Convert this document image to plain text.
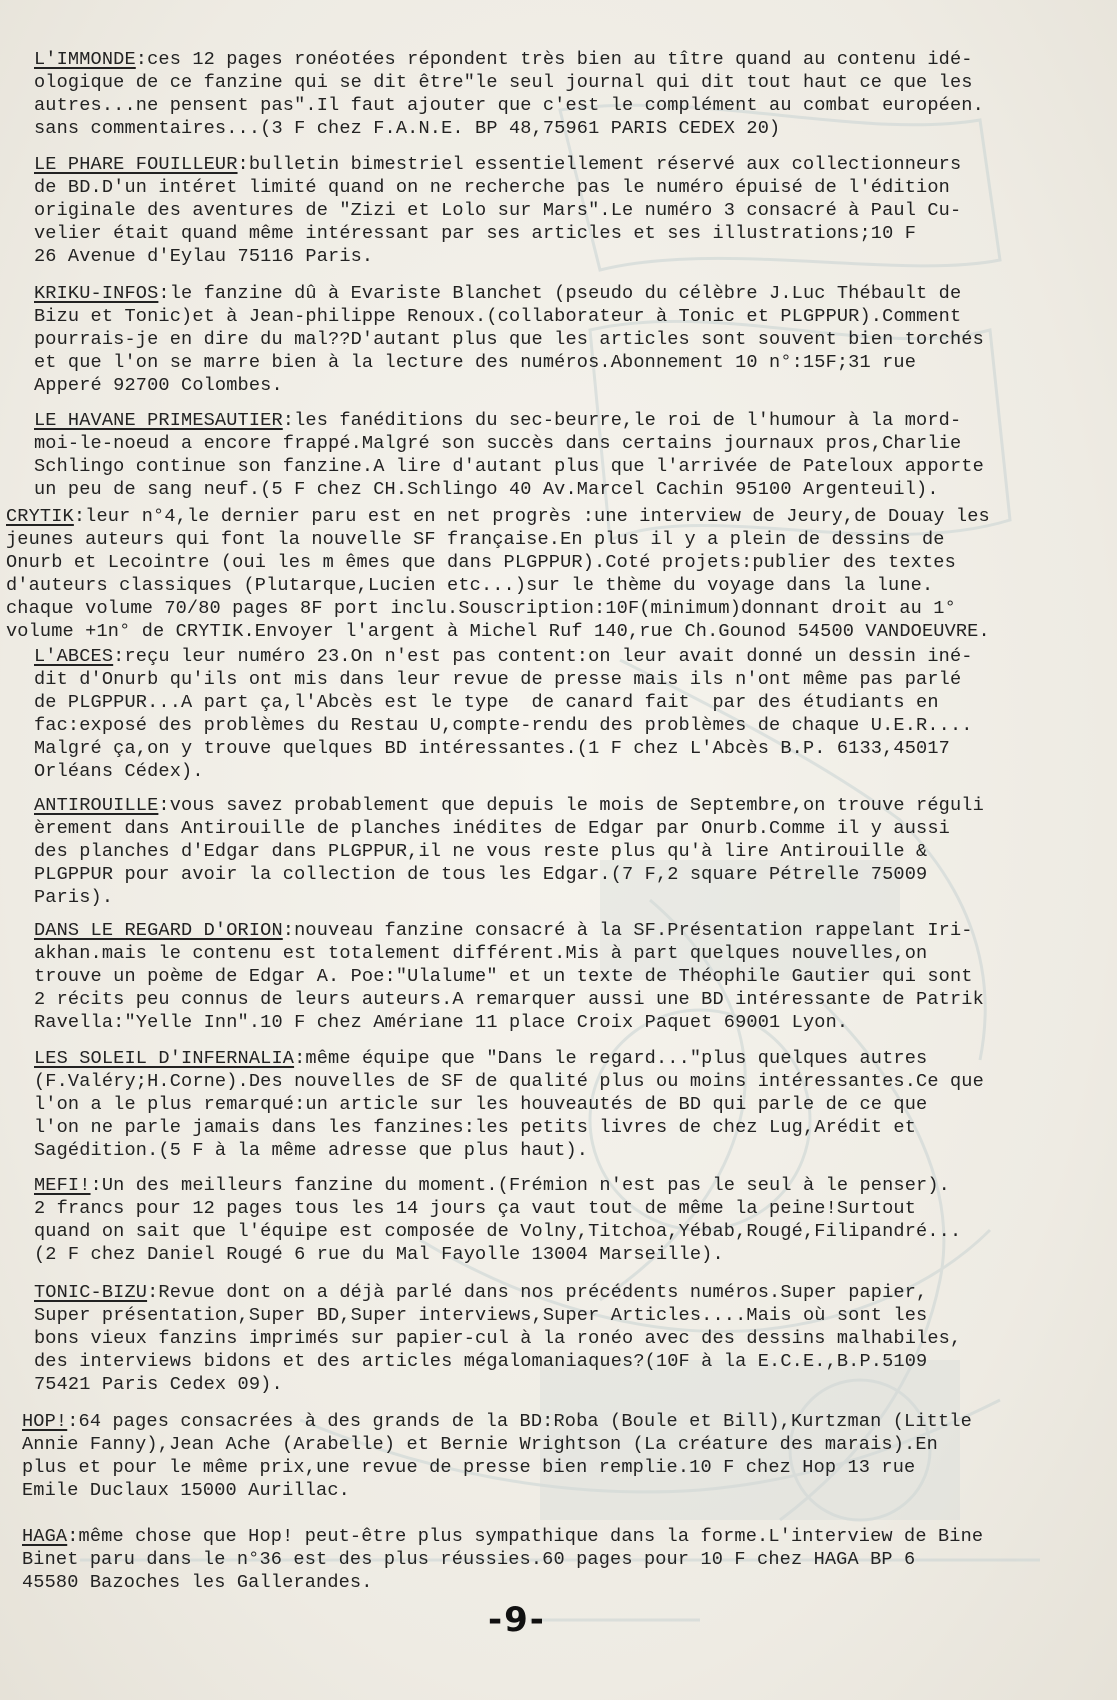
L'IMMONDE:ces 12 pages ronéotées répondent très bien au tître quand au contenu idé-
ologique de ce fanzine qui se dit être"le seul journal qui dit tout haut ce que les
autres...ne pensent pas".Il faut ajouter que c'est le complément au combat européen.
sans commentaires...(3 F chez F.A.N.E. BP 48,75961 PARIS CEDEX 20)
LE PHARE FOUILLEUR:bulletin bimestriel essentiellement réservé aux collectionneurs
de BD.D'un intéret limité quand on ne recherche pas le numéro épuisé de l'édition
originale des aventures de "Zizi et Lolo sur Mars".Le numéro 3 consacré à Paul Cu-
velier était quand même intéressant par ses articles et ses illustrations;10 F
26 Avenue d'Eylau 75116 Paris.
KRIKU-INFOS:le fanzine dû à Evariste Blanchet (pseudo du célèbre J.Luc Thébault de
Bizu et Tonic)et à Jean-philippe Renoux.(collaborateur à Tonic et PLGPPUR).Comment
pourrais-je en dire du mal??D'autant plus que les articles sont souvent bien torchés
et que l'on se marre bien à la lecture des numéros.Abonnement 10 n°:15F;31 rue
Apperé 92700 Colombes.
LE HAVANE PRIMESAUTIER:les fanéditions du sec-beurre,le roi de l'humour à la mord-
moi-le-noeud a encore frappé.Malgré son succès dans certains journaux pros,Charlie
Schlingo continue son fanzine.A lire d'autant plus que l'arrivée de Pateloux apporte
un peu de sang neuf.(5 F chez CH.Schlingo 40 Av.Marcel Cachin 95100 Argenteuil).
CRYTIK:leur n°4,le dernier paru est en net progrès :une interview de Jeury,de Douay les
jeunes auteurs qui font la nouvelle SF française.En plus il y a plein de dessins de
Onurb et Lecointre (oui les m êmes que dans PLGPPUR).Coté projets:publier des textes
d'auteurs classiques (Plutarque,Lucien etc...)sur le thème du voyage dans la lune.
chaque volume 70/80 pages 8F port inclu.Souscription:10F(minimum)donnant droit au 1°
volume +1n° de CRYTIK.Envoyer l'argent à Michel Ruf 140,rue Ch.Gounod 54500 VANDOEUVRE.
L'ABCES:reçu leur numéro 23.On n'est pas content:on leur avait donné un dessin iné-
dit d'Onurb qu'ils ont mis dans leur revue de presse mais ils n'ont même pas parlé
de PLGPPUR...A part ça,l'Abcès est le type  de canard fait  par des étudiants en
fac:exposé des problèmes du Restau U,compte-rendu des problèmes de chaque U.E.R....
Malgré ça,on y trouve quelques BD intéressantes.(1 F chez L'Abcès B.P. 6133,45017
Orléans Cédex).
ANTIROUILLE:vous savez probablement que depuis le mois de Septembre,on trouve réguli
èrement dans Antirouille de planches inédites de Edgar par Onurb.Comme il y aussi
des planches d'Edgar dans PLGPPUR,il ne vous reste plus qu'à lire Antirouille &
PLGPPUR pour avoir la collection de tous les Edgar.(7 F,2 square Pétrelle 75009
Paris).
DANS LE REGARD D'ORION:nouveau fanzine consacré à la SF.Présentation rappelant Iri-
akhan.mais le contenu est totalement différent.Mis à part quelques nouvelles,on
trouve un poème de Edgar A. Poe:"Ulalume" et un texte de Théophile Gautier qui sont
2 récits peu connus de leurs auteurs.A remarquer aussi une BD intéressante de Patrik
Ravella:"Yelle Inn".10 F chez Amériane 11 place Croix Paquet 69001 Lyon.
LES SOLEIL D'INFERNALIA:même équipe que "Dans le regard..."plus quelques autres
(F.Valéry;H.Corne).Des nouvelles de SF de qualité plus ou moins intéressantes.Ce que
l'on a le plus remarqué:un article sur les houveautés de BD qui parle de ce que
l'on ne parle jamais dans les fanzines:les petits livres de chez Lug,Arédit et
Sagédition.(5 F à la même adresse que plus haut).
MEFI!:Un des meilleurs fanzine du moment.(Frémion n'est pas le seul à le penser).
2 francs pour 12 pages tous les 14 jours ça vaut tout de même la peine!Surtout
quand on sait que l'équipe est composée de Volny,Titchoa,Yébab,Rougé,Filipandré...
(2 F chez Daniel Rougé 6 rue du Mal Fayolle 13004 Marseille).
TONIC-BIZU:Revue dont on a déjà parlé dans nos précédents numéros.Super papier,
Super présentation,Super BD,Super interviews,Super Articles....Mais où sont les
bons vieux fanzins imprimés sur papier-cul à la ronéo avec des dessins malhabiles,
des interviews bidons et des articles mégalomaniaques?(10F à la E.C.E.,B.P.5109
75421 Paris Cedex 09).
HOP!:64 pages consacrées à des grands de la BD:Roba (Boule et Bill),Kurtzman (Little
Annie Fanny),Jean Ache (Arabelle) et Bernie Wrightson (La créature des marais).En
plus et pour le même prix,une revue de presse bien remplie.10 F chez Hop 13 rue
Emile Duclaux 15000 Aurillac.
HAGA:même chose que Hop! peut-être plus sympathique dans la forme.L'interview de Bine
Binet paru dans le n°36 est des plus réussies.60 pages pour 10 F chez HAGA BP 6
45580 Bazoches les Gallerandes.
-9-
